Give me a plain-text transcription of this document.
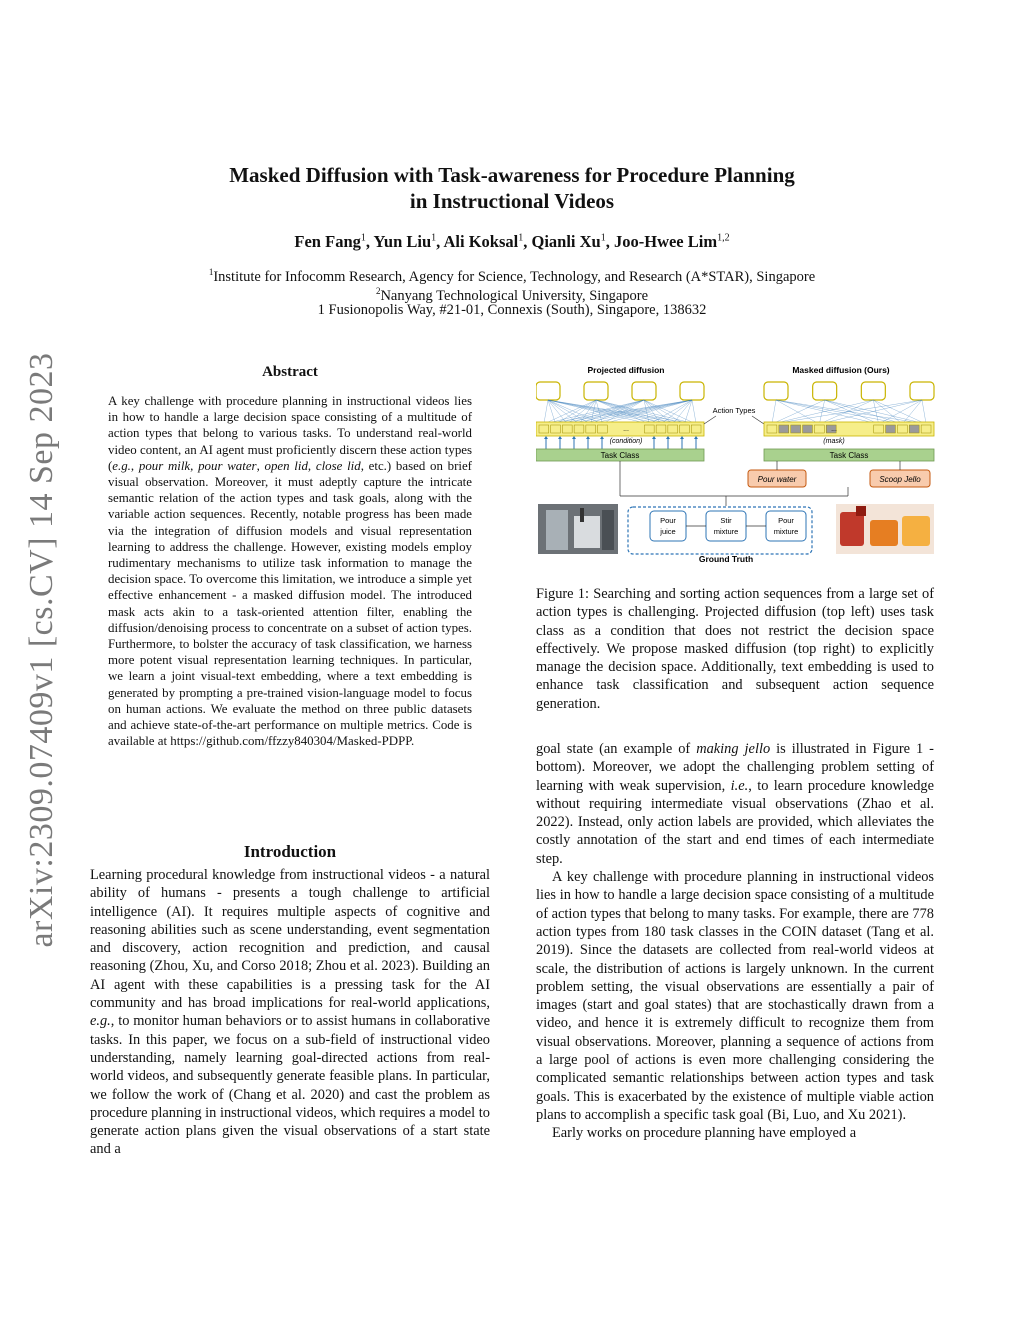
Masked Diffusion with Task-awareness for Procedure Planning
in Instructional Videos
Fen Fang$^1$, Yun Liu$^1$, Ali Koksal$^1$, Qianli Xu$^1$, Joo-Hwee Lim$^{1,2}$
$^1$Institute for Infocomm Research, Agency for Science, Technology, and Research (A*STAR), Singapore
$^2$Nanyang Technological University, Singapore
1 Fusionopolis Way, #21-01, Connexis (South), Singapore, 138632
arXiv:2309.07409v1 [cs.CV] 14 Sep 2023	Abstract
A key challenge with procedure planning in instructional videos lies in how to handle a large decision space consisting of a multitude of action types that belong to various tasks. To understand real-world video content, an AI agent must proficiently discern these action types (e.g., pour milk, pour water, open lid, close lid, etc.) based on brief visual observation. Moreover, it must adeptly capture the intricate semantic relation of the action types and task goals, along with the variable action sequences. Recently, notable progress has been made via the integration of diffusion models and visual representation learning to address the challenge. However, existing models employ rudimentary mechanisms to utilize task information to manage the decision space. To overcome this limitation, we introduce a simple yet effective enhancement - a masked diffusion model. The introduced mask acts akin to a task-oriented attention filter, enabling the diffusion/denoising process to concentrate on a subset of action types. Furthermore, to bolster the accuracy of task classification, we harness more potent visual representation learning techniques. In particular, we learn a joint visual-text embedding, where a text embedding is generated by prompting a pre-trained vision-language model to focus on human actions. We evaluate the method on three public datasets and achieve state-of-the-art performance on multiple metrics. Code is available at https://github.com/ffzzy840304/Masked-PDPP.
Introduction

Learning procedural knowledge from instructional videos - a natural ability of humans - presents a tough challenge to artificial intelligence (AI). It requires multiple aspects of cognitive and reasoning abilities such as scene understanding, event segmentation and discovery, action recognition and prediction, and causal reasoning (Zhou, Xu, and Corso 2018; Zhou et al. 2023). Building an AI agent with these capabilities is a pressing task for the AI community and has broad implications for real-world applications, e.g., to monitor human behaviors or to assist humans in collaborative tasks. In this paper, we focus on a sub-field of instructional video understanding, namely learning goal-directed actions from real-world videos, and subsequently generate feasible plans. In particular, we follow the work of (Chang et al. 2020) and cast the problem as procedure planning in instructional videos, which requires a model to generate action plans given the visual observations of a start state and a

Projected diffusion
...
(condition)
Task Class
Action Types
Masked diffusion (Ours)
...
(mask)
Task Class
Pour water	Scoop Jello
Pour
juice
Stir
mixture
Pour
mixture
Ground Truth
Figure 1: Searching and sorting action sequences from a large set of action types is challenging. Projected diffusion (top left) uses task class as a condition that does not restrict the decision space effectively. We propose masked diffusion (top right) to explicitly manage the decision space. Additionally, text embedding is used to enhance task classification and subsequent action sequence generation.

goal state (an example of making jello is illustrated in Figure 1 - bottom). Moreover, we adopt the challenging problem setting of learning with weak supervision, i.e., to learn procedure knowledge without requiring intermediate visual observations (Zhao et al. 2022). Instead, only action labels are provided, which alleviates the costly annotation of the start and end times of each intermediate step.

A key challenge with procedure planning in instructional videos lies in how to handle a large decision space consisting of a multitude of action types that belong to many tasks. For example, there are 778 action types from 180 task classes in the COIN dataset (Tang et al. 2019). Since the datasets are collected from real-world videos at scale, the distribution of actions is largely unknown. In the current problem setting, the visual observations are essentially a pair of images (start and goal states) that are stochastically drawn from a video, and hence it is extremely difficult to recognize them from visual observations. Moreover, planning a sequence of actions from a large pool of actions is even more challenging considering the complicated semantic relationships between action types and task goals. This is exacerbated by the existence of multiple viable action plans to accomplish a specific task goal (Bi, Luo, and Xu 2021).

Early works on procedure planning have employed a
